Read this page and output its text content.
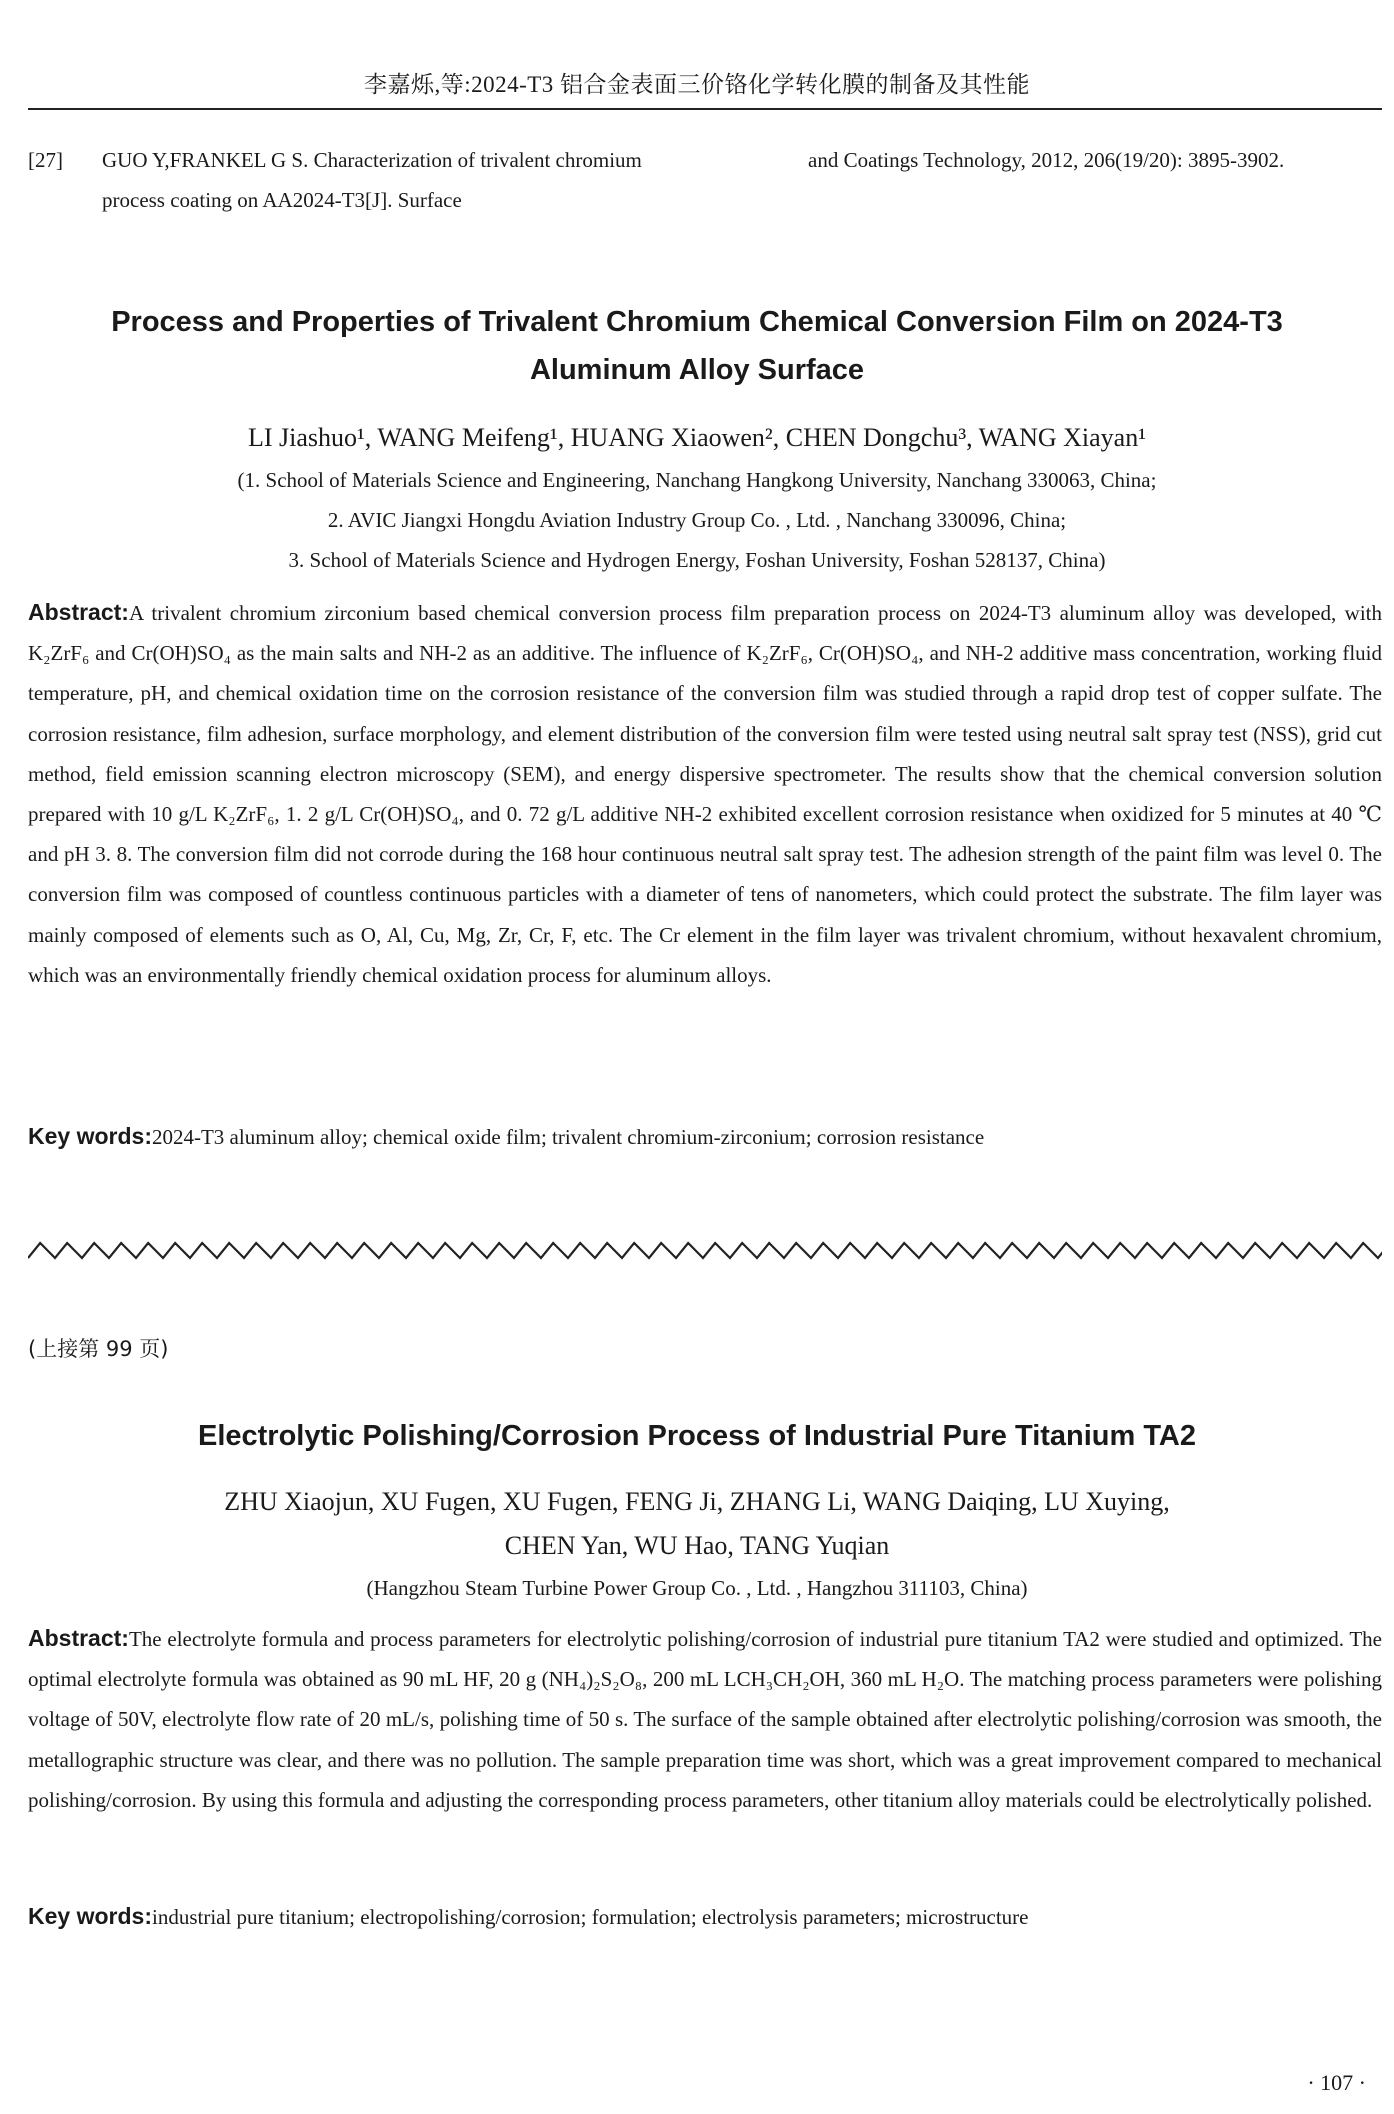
李嘉烁,等:2024-T3 铝合金表面三价铬化学转化膜的制备及其性能
[27] GUO Y,FRANKEL G S. Characterization of trivalent chromium process coating on AA2024-T3[J]. Surface
and Coatings Technology, 2012, 206(19/20): 3895-3902.
Process and Properties of Trivalent Chromium Chemical Conversion Film on 2024-T3
Aluminum Alloy Surface
LI Jiashuo¹, WANG Meifeng¹, HUANG Xiaowen², CHEN Dongchu³, WANG Xiayan¹
(1. School of Materials Science and Engineering, Nanchang Hangkong University, Nanchang 330063, China;
2. AVIC Jiangxi Hongdu Aviation Industry Group Co. , Ltd. , Nanchang 330096, China;
3. School of Materials Science and Hydrogen Energy, Foshan University, Foshan 528137, China)

Abstract:A trivalent chromium zirconium based chemical conversion process film preparation process on 2024-T3 aluminum alloy was developed, with K₂ZrF₆ and Cr(OH)SO₄ as the main salts and NH-2 as an additive. The influence of K₂ZrF₆, Cr(OH)SO₄, and NH-2 additive mass concentration, working fluid temperature, pH, and chemical oxidation time on the corrosion resistance of the conversion film was studied through a rapid drop test of copper sulfate. The corrosion resistance, film adhesion, surface morphology, and element distribution of the conversion film were tested using neutral salt spray test (NSS), grid cut method, field emission scanning electron microscopy (SEM), and energy dispersive spectrometer. The results show that the chemical conversion solution prepared with 10 g/L K₂ZrF₆, 1. 2 g/L Cr(OH)SO₄, and 0. 72 g/L additive NH-2 exhibited excellent corrosion resistance when oxidized for 5 minutes at 40 ℃ and pH 3. 8. The conversion film did not corrode during the 168 hour continuous neutral salt spray test. The adhesion strength of the paint film was level 0. The conversion film was composed of countless continuous particles with a diameter of tens of nanometers, which could protect the substrate. The film layer was mainly composed of elements such as O, Al, Cu, Mg, Zr, Cr, F, etc. The Cr element in the film layer was trivalent chromium, without hexavalent chromium, which was an environmentally friendly chemical oxidation process for aluminum alloys.

Key words:2024-T3 aluminum alloy; chemical oxide film; trivalent chromium-zirconium; corrosion resistance

(上接第 99 页)
Electrolytic Polishing/Corrosion Process of Industrial Pure Titanium TA2
ZHU Xiaojun, XU Fugen, XU Fugen, FENG Ji, ZHANG Li, WANG Daiqing, LU Xuying,
CHEN Yan, WU Hao, TANG Yuqian
(Hangzhou Steam Turbine Power Group Co. , Ltd. , Hangzhou 311103, China)

Abstract:The electrolyte formula and process parameters for electrolytic polishing/corrosion of industrial pure titanium TA2 were studied and optimized. The optimal electrolyte formula was obtained as 90 mL HF, 20 g (NH₄)₂S₂O₈, 200 mL LCH₃CH₂OH, 360 mL H₂O. The matching process parameters were polishing voltage of 50V, electrolyte flow rate of 20 mL/s, polishing time of 50 s. The surface of the sample obtained after electrolytic polishing/corrosion was smooth, the metallographic structure was clear, and there was no pollution. The sample preparation time was short, which was a great improvement compared to mechanical polishing/corrosion. By using this formula and adjusting the corresponding process parameters, other titanium alloy materials could be electrolytically polished.

Key words:industrial pure titanium; electropolishing/corrosion; formulation; electrolysis parameters; microstructure

· 107 ·
